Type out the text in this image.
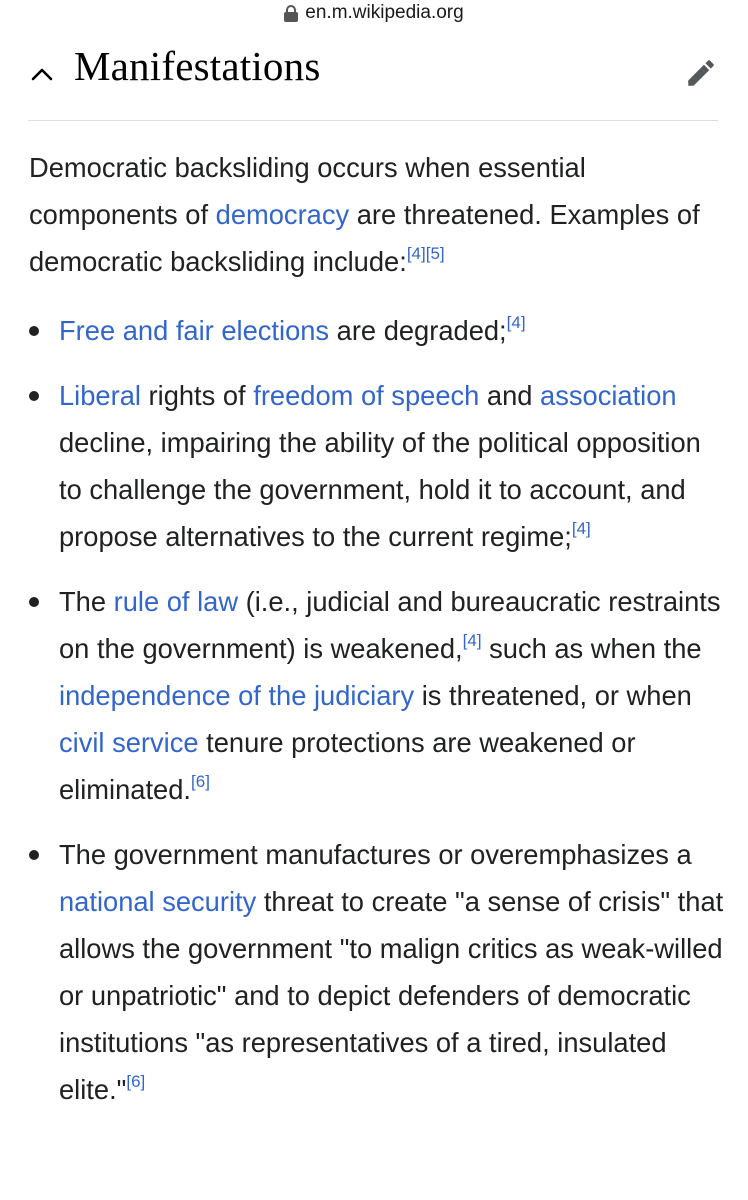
en.m.wikipedia.org
Manifestations

Democratic backsliding occurs when essential components of democracy are threatened. Examples of democratic backsliding include:[4][5]

Free and fair elections are degraded;[4]
Liberal rights of freedom of speech and association decline, impairing the ability of the political opposition to challenge the government, hold it to account, and propose alternatives to the current regime;[4]
The rule of law (i.e., judicial and bureaucratic restraints on the government) is weakened,[4] such as when the independence of the judiciary is threatened, or when civil service tenure protections are weakened or eliminated.[6]
The government manufactures or overemphasizes a national security threat to create "a sense of crisis" that allows the government "to malign critics as weak-willed or unpatriotic" and to depict defenders of democratic institutions "as representatives of a tired, insulated elite."[6]
